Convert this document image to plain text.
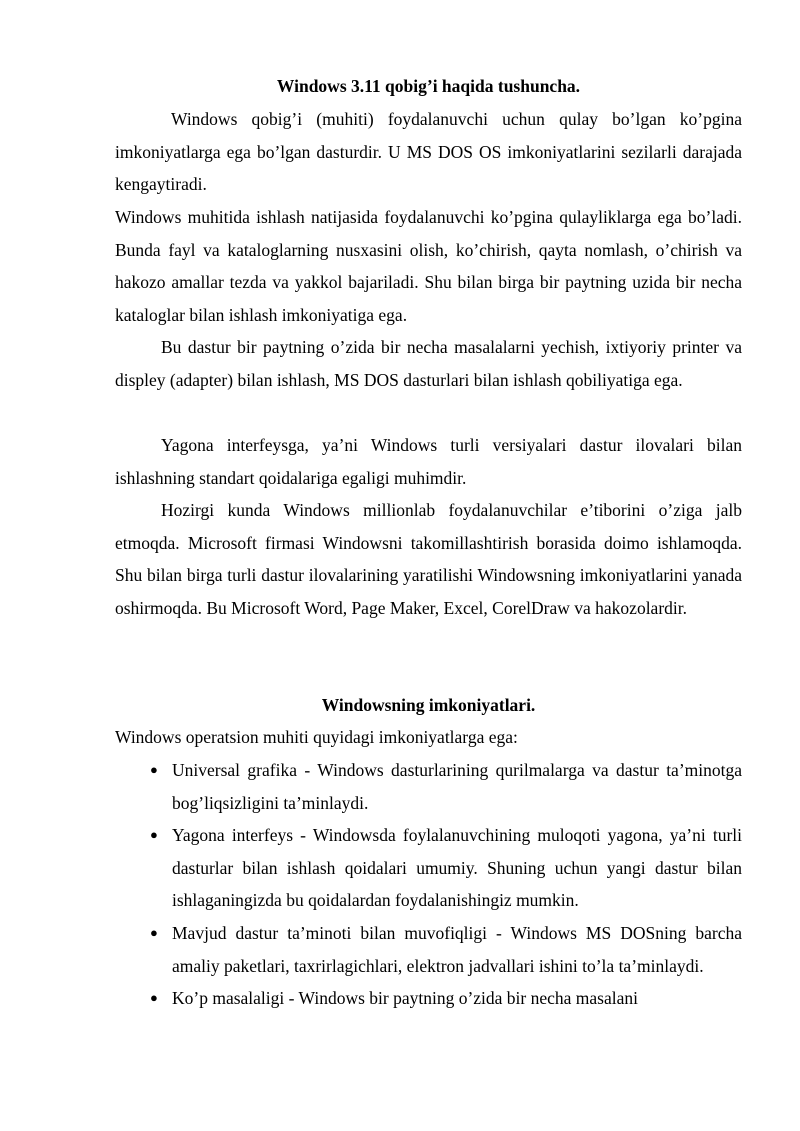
Windows 3.11 qobig’i haqida tushuncha.
Windows qobig’i (muhiti) foydalanuvchi uchun qulay bo’lgan ko’pgina imkoniyatlarga ega bo’lgan dasturdir. U MS DOS OS imkoniyatlarini sezilarli darajada kengaytiradi.
Windows muhitida ishlash natijasida foydalanuvchi ko’pgina qulayliklarga ega bo’ladi. Bunda fayl va kataloglarning nusxasini olish, ko’chirish, qayta nomlash, o’chirish va hakozo amallar tezda va yakkol bajariladi. Shu bilan birga bir paytning uzida bir necha kataloglar bilan ishlash imkoniyatiga ega.
Bu dastur bir paytning o’zida bir necha masalalarni yechish, ixtiyoriy printer va displey (adapter) bilan ishlash, MS DOS dasturlari bilan ishlash qobiliyatiga ega.
Yagona interfeysga, ya’ni Windows turli versiyalari dastur ilovalari bilan ishlashning standart qoidalariga egaligi muhimdir.
Hozirgi kunda Windows millionlab foydalanuvchilar e’tiborini o’ziga jalb etmoqda. Microsoft firmasi Windowsni takomillashtirish borasida doimo ishlamoqda. Shu bilan birga turli dastur ilovalarining yaratilishi Windowsning imkoniyatlarini yanada oshirmoqda. Bu Microsoft Word, Page Maker, Excel, CorelDraw va hakozolardir.
Windowsning imkoniyatlari.
Windows operatsion muhiti quyidagi imkoniyatlarga ega:
● Universal grafika - Windows dasturlarining qurilmalarga va dastur ta’minotga bog’liqsizligini ta’minlaydi.
● Yagona interfeys - Windowsda foylalanuvchining muloqoti yagona, ya’ni turli dasturlar bilan ishlash qoidalari umumiy. Shuning uchun yangi dastur bilan ishlaganingizda bu qoidalardan foydalanishingiz mumkin.
● Mavjud dastur ta’minoti bilan muvofiqligi - Windows MS DOSning barcha amaliy paketlari, taxrirlagichlari, elektron jadvallari ishini to’la ta’minlaydi.
● Ko’p masalaligi - Windows bir paytning o’zida bir necha masalani
